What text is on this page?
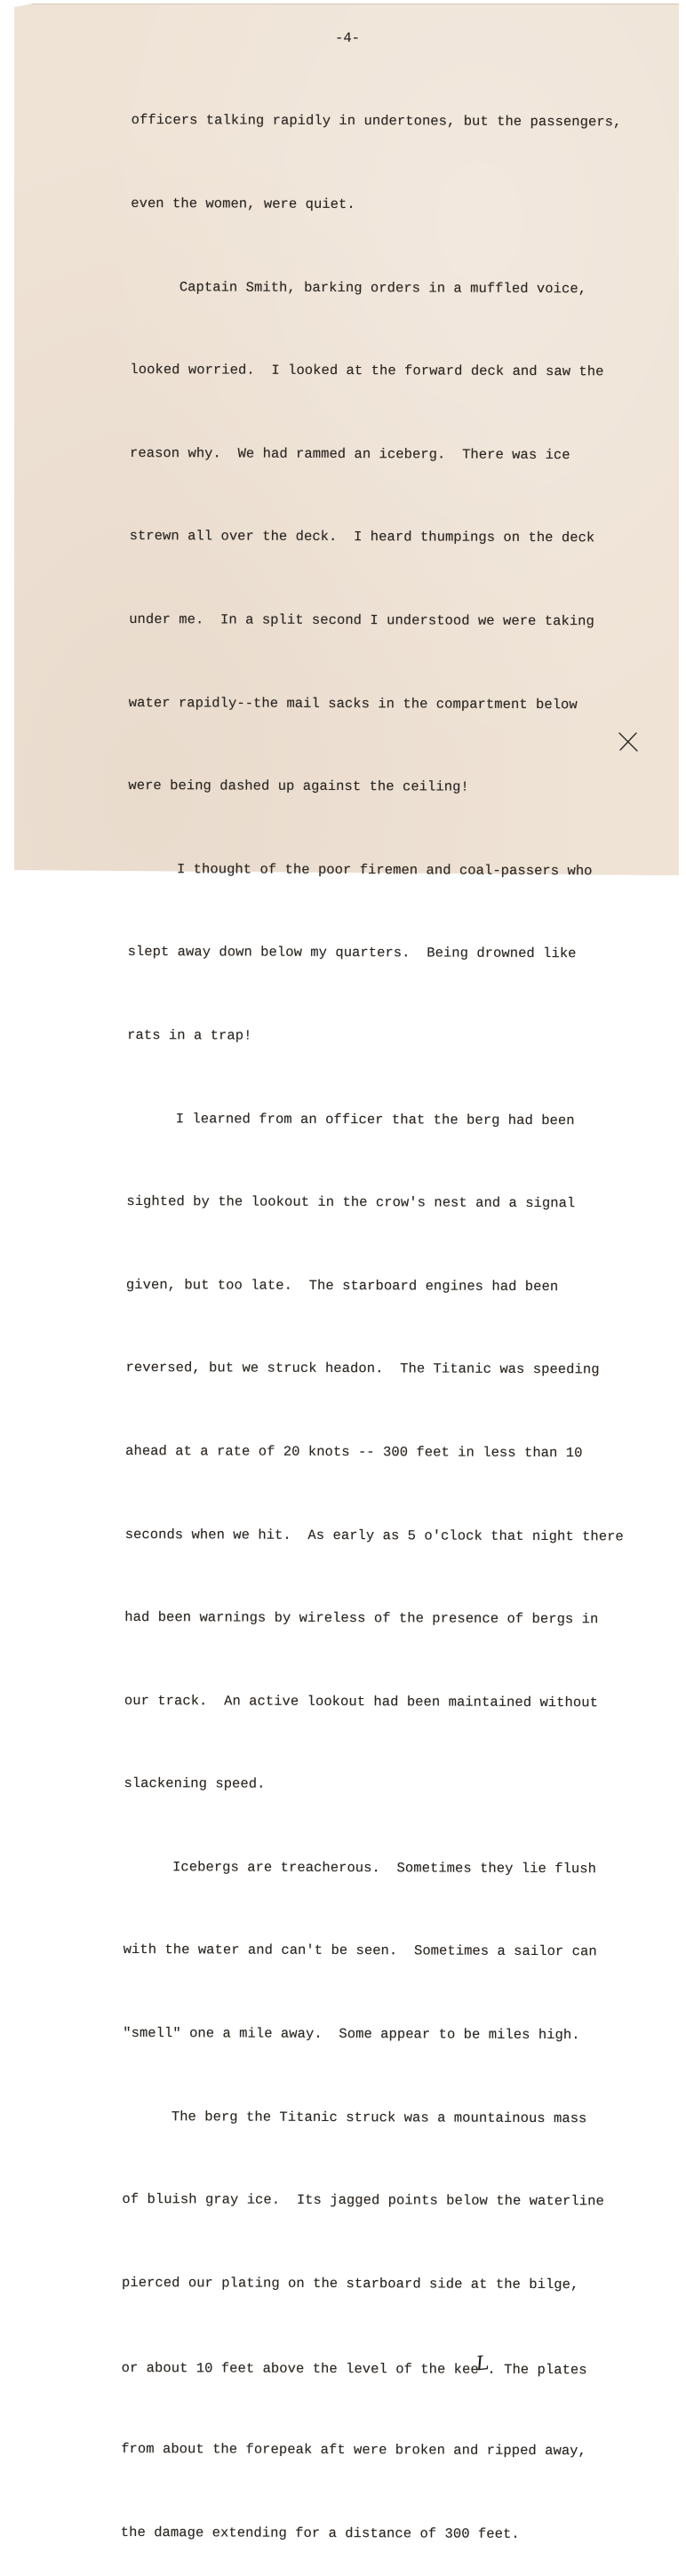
-4-

officers talking rapidly in undertones, but the passengers,

even the women, were quiet.

Captain Smith, barking orders in a muffled voice,

looked worried.  I looked at the forward deck and saw the

reason why.  We had rammed an iceberg.  There was ice

strewn all over the deck.  I heard thumpings on the deck

under me.  In a split second I understood we were taking

water rapidly--the mail sacks in the compartment below

were being dashed up against the ceiling!

I thought of the poor firemen and coal-passers who

slept away down below my quarters.  Being drowned like

rats in a trap!

I learned from an officer that the berg had been

sighted by the lookout in the crow's nest and a signal

given, but too late.  The starboard engines had been

reversed, but we struck headon.  The Titanic was speeding

ahead at a rate of 20 knots -- 300 feet in less than 10

seconds when we hit.  As early as 5 o'clock that night there

had been warnings by wireless of the presence of bergs in

our track.  An active lookout had been maintained without

slackening speed.

Icebergs are treacherous.  Sometimes they lie flush

with the water and can't be seen.  Sometimes a sailor can

"smell" one a mile away.  Some appear to be miles high.

The berg the Titanic struck was a mountainous mass

of bluish gray ice.  Its jagged points below the waterline

pierced our plating on the starboard side at the bilge,

or about 10 feet above the level of the keeL. The plates

from about the forepeak aft were broken and ripped away,

the damage extending for a distance of 300 feet.
